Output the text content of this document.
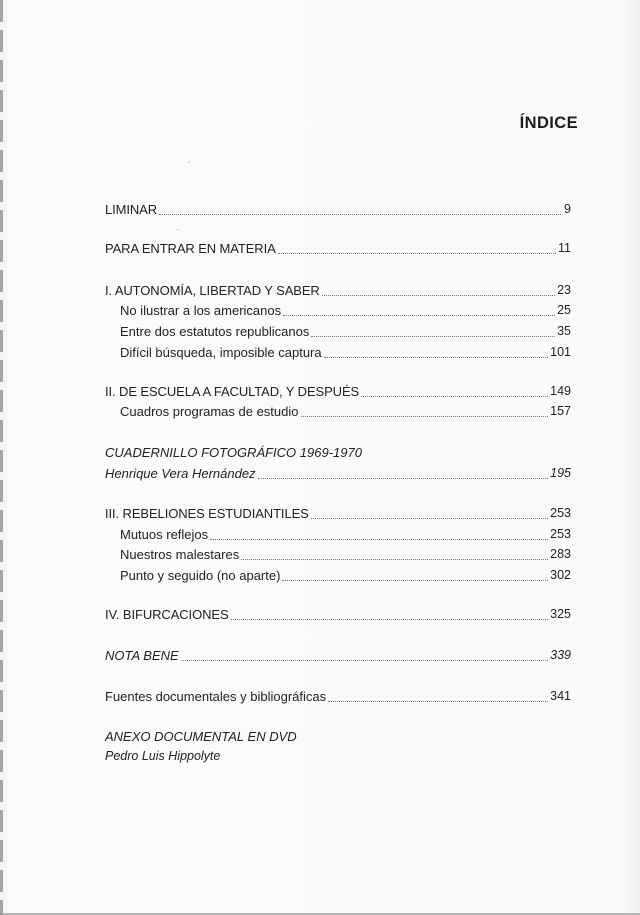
ÍNDICE
LIMINAR	9
PARA ENTRAR EN MATERIA	11
I. AUTONOMÍA, LIBERTAD Y SABER	23
No ilustrar a los americanos	25
Entre dos estatutos republicanos	35
Difícil búsqueda, imposible captura	101
II. DE ESCUELA A FACULTAD, Y DESPUÉS	149
Cuadros programas de estudio	157
CUADERNILLO FOTOGRÁFICO 1969-1970
Henrique Vera Hernández	195
III. REBELIONES ESTUDIANTILES	253
Mutuos reflejos	253
Nuestros malestares	283
Punto y seguido (no aparte)	302
IV. BIFURCACIONES	325
NOTA BENE	339
Fuentes documentales y bibliográficas	341
ANEXO DOCUMENTAL EN DVD
Pedro Luis Hippolyte
